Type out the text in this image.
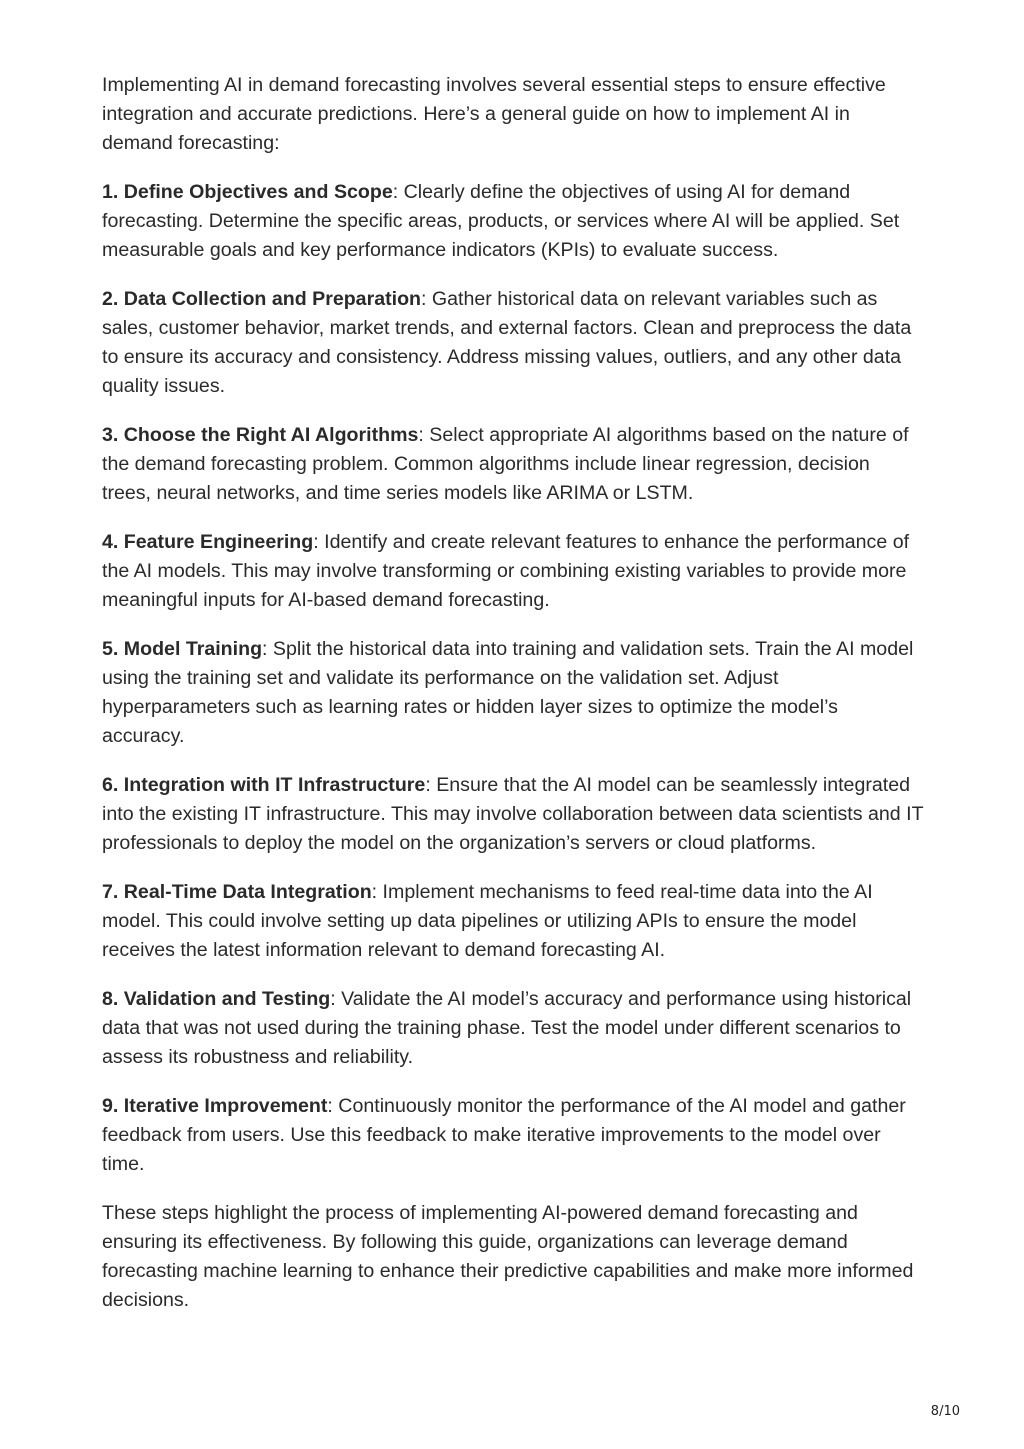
Implementing AI in demand forecasting involves several essential steps to ensure effective integration and accurate predictions. Here’s a general guide on how to implement AI in demand forecasting:

1. Define Objectives and Scope: Clearly define the objectives of using AI for demand forecasting. Determine the specific areas, products, or services where AI will be applied. Set measurable goals and key performance indicators (KPIs) to evaluate success.

2. Data Collection and Preparation: Gather historical data on relevant variables such as sales, customer behavior, market trends, and external factors. Clean and preprocess the data to ensure its accuracy and consistency. Address missing values, outliers, and any other data quality issues.

3. Choose the Right AI Algorithms: Select appropriate AI algorithms based on the nature of the demand forecasting problem. Common algorithms include linear regression, decision trees, neural networks, and time series models like ARIMA or LSTM.

4. Feature Engineering: Identify and create relevant features to enhance the performance of the AI models. This may involve transforming or combining existing variables to provide more meaningful inputs for AI-based demand forecasting.

5. Model Training: Split the historical data into training and validation sets. Train the AI model using the training set and validate its performance on the validation set. Adjust hyperparameters such as learning rates or hidden layer sizes to optimize the model’s accuracy.

6. Integration with IT Infrastructure: Ensure that the AI model can be seamlessly integrated into the existing IT infrastructure. This may involve collaboration between data scientists and IT professionals to deploy the model on the organization’s servers or cloud platforms.

7. Real-Time Data Integration: Implement mechanisms to feed real-time data into the AI model. This could involve setting up data pipelines or utilizing APIs to ensure the model receives the latest information relevant to demand forecasting AI.

8. Validation and Testing: Validate the AI model’s accuracy and performance using historical data that was not used during the training phase. Test the model under different scenarios to assess its robustness and reliability.

9. Iterative Improvement: Continuously monitor the performance of the AI model and gather feedback from users. Use this feedback to make iterative improvements to the model over time.

These steps highlight the process of implementing AI-powered demand forecasting and ensuring its effectiveness. By following this guide, organizations can leverage demand forecasting machine learning to enhance their predictive capabilities and make more informed decisions.

8/10
